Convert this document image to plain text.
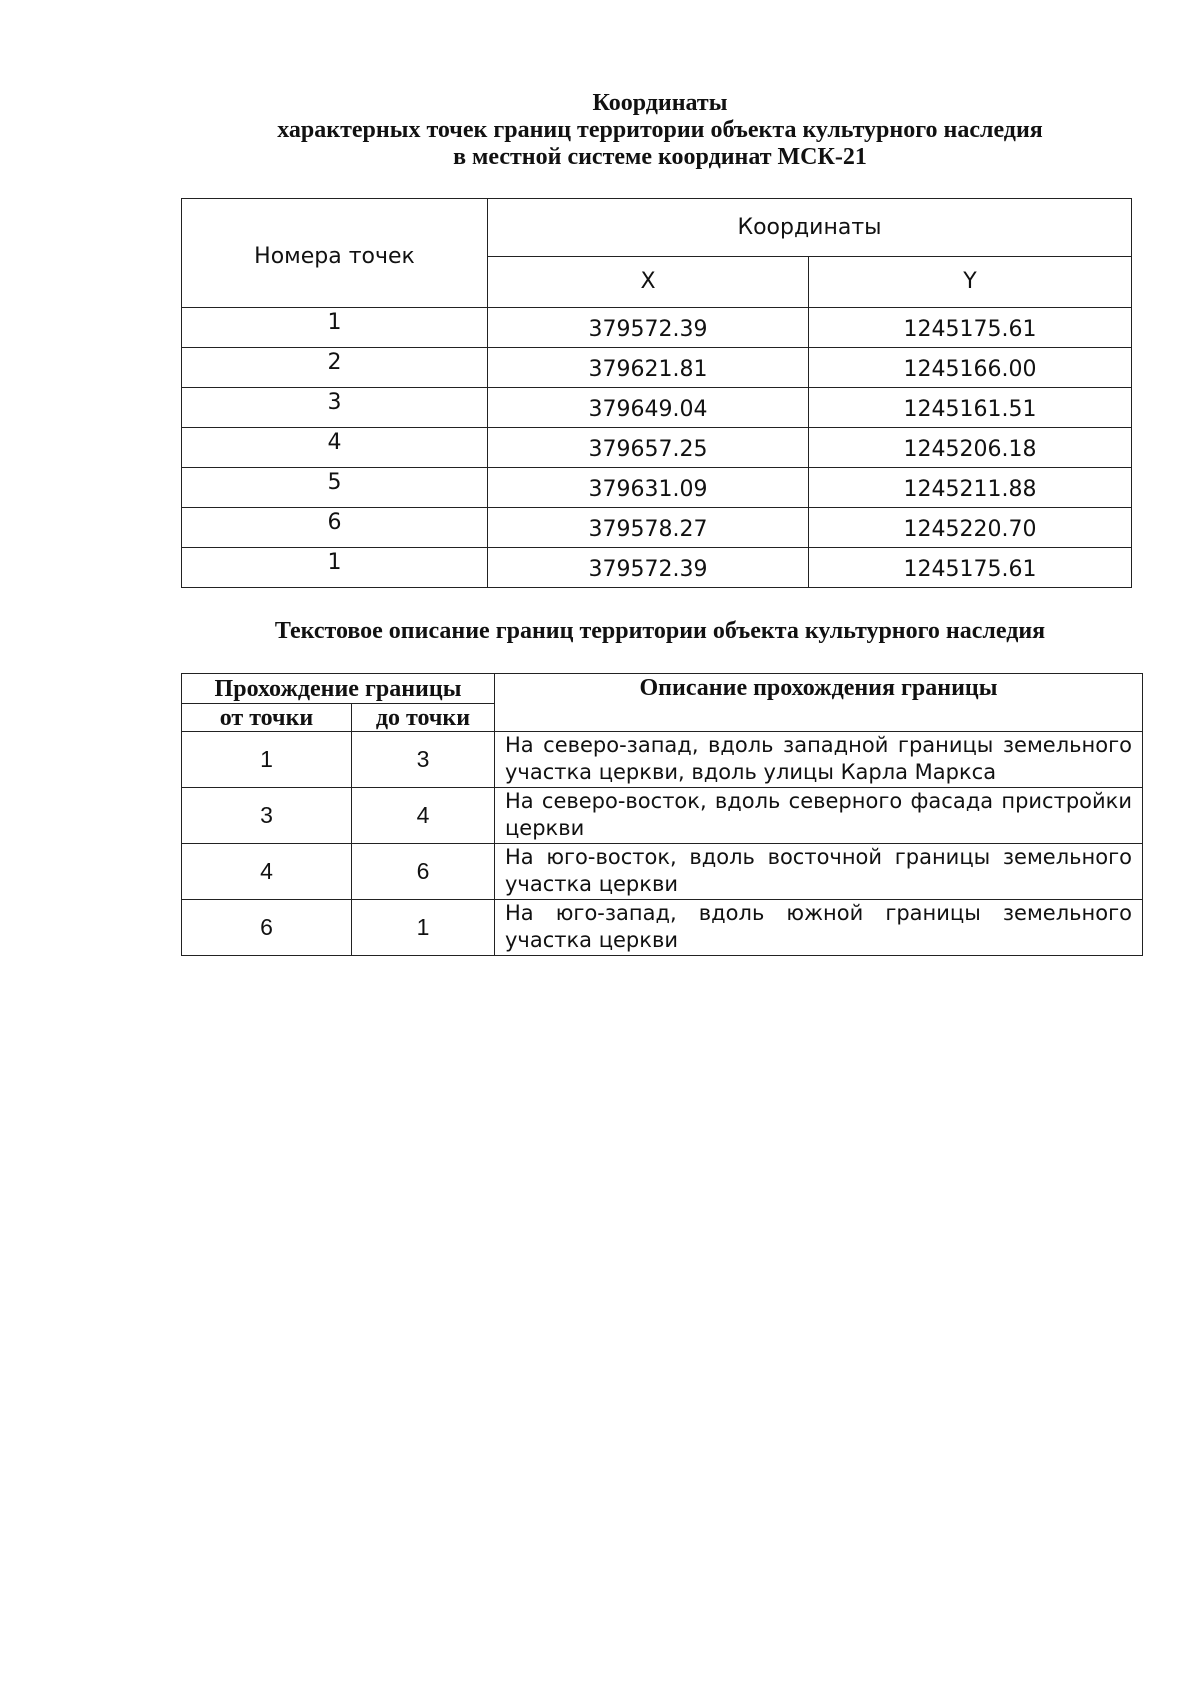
Координаты
характерных точек границ территории объекта культурного наследия
в местной системе координат МСК-21
Номера точек	Координаты	
	X	Y
1	379572.39	1245175.61
2	379621.81	1245166.00
3	379649.04	1245161.51
4	379657.25	1245206.18
5	379631.09	1245211.88
6	379578.27	1245220.70
1	379572.39	1245175.61
Текстовое описание границ территории объекта культурного наследия
Прохождение границы		Описание прохождения границы
от точки	до точки	
1	3	На северо-запад, вдоль западной границы земельного участка церкви, вдоль улицы Карла Маркса
3	4	На северо-восток, вдоль северного фасада пристройки церкви
4	6	На юго-восток, вдоль восточной границы земельного участка церкви
6	1	На юго-запад, вдоль южной границы земельного участка церкви
